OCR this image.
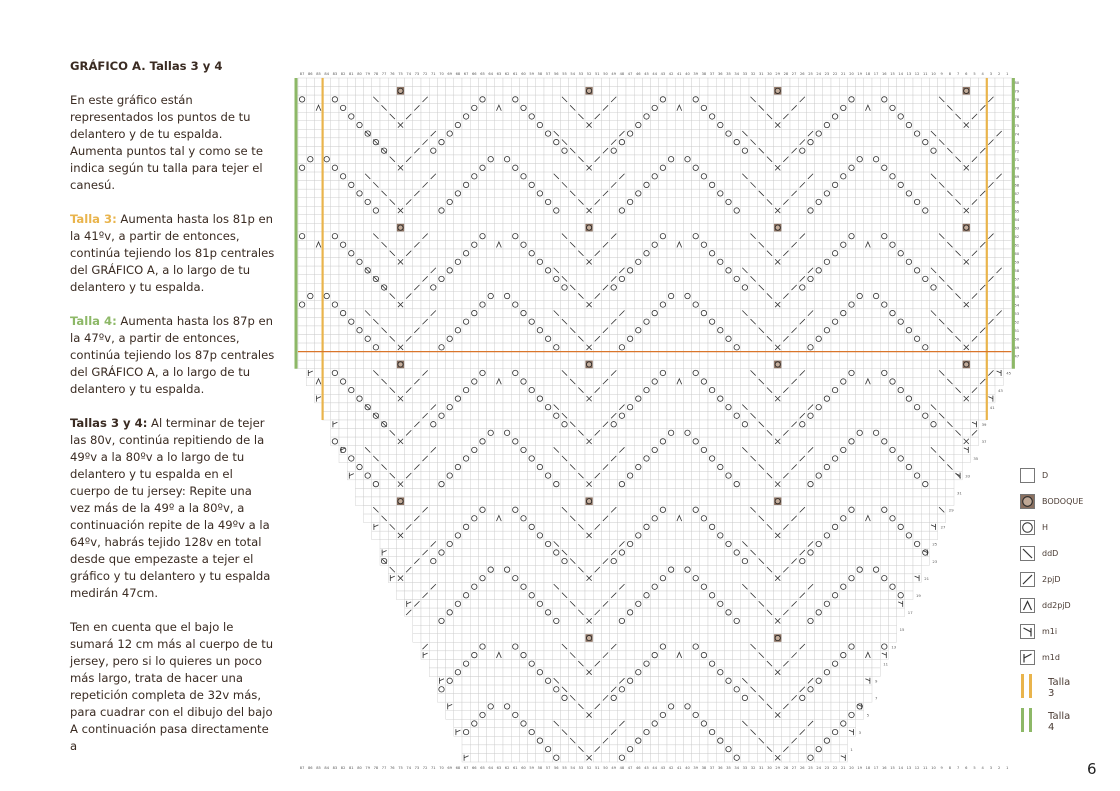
GRÁFICO A. Tallas 3 y 4

En este gráfico están representados los puntos de tu delantero y de tu espalda. Aumenta puntos tal y como se te indica según tu talla para tejer el canesú.

Talla 3: Aumenta hasta los 81p en la 41ºv, a partir de entonces, continúa tejiendo los 81p centrales del GRÁFICO A, a lo largo de tu delantero y tu espalda.

Talla 4: Aumenta hasta los 87p en la 47ºv, a partir de entonces, continúa tejiendo los 87p centrales del GRÁFICO A, a lo largo de tu delantero y tu espalda.

Tallas 3 y 4: Al terminar de tejer las 80v, continúa repitiendo de la 49ºv a la 80ºv a lo largo de tu delantero y tu espalda en el cuerpo de tu jersey: Repite una vez más de la 49º a la 80ºv, a continuación repite de la 49ºv a la 64ºv, habrás tejido 128v en total desde que empezaste a tejer el gráfico y tu delantero y tu espalda medirán 47cm.

Ten en cuenta que el bajo le sumará 12 cm más al cuerpo de tu jersey, pero si lo quieres un poco más largo, trata de hacer una repetición completa de 32v más, para cuadrar con el dibujo del bajo
A continuación pasa directamente a

87 86 85 84 83 82 81 80 79 78 77 76 75 74 73 72 71 70 69 68 67 66 65 64 63 62 61 60 59 58 57 56 55 54 53 52 51 50 49 48 47 46 45 44 43 42 41 40 39 38 37 36 35 34 33 32 31 30 29 28 27 26 25 24 23 22 21 20 19 18 17 16 15 14 13 12 11 10 9 8 7 6 5 4 3 2 1
87 86 85 84 83 82 81 80 79 78 77 76 75 74 73 72 71 70 69 68 67 66 65 64 63 62 61 60 59 58 57 56 55 54 53 52 51 50 49 48 47 46 45 44 43 42 41 40 39 38 37 36 35 34 33 32 31 30 29 28 27 26 25 24 23 22 21 20 19 18 17 16 15 14 13 12 11 10 9 8 7 6 5 4 3 2 1
80
79
78
77
76
75
74
73
72
71
70
69
68
67
66
65
64
63
62
61
60
59
58
57
56
55
54
53
52
51
50
49
47
45
43
41
39
37
35
33
31
29
27
25
23
21
19
17
15
13
11
9
7
5
3
1
D
BODOQUE
H
ddD
2pjD
dd2pjD
m1i
m1d
Talla 3
Talla 4
6
